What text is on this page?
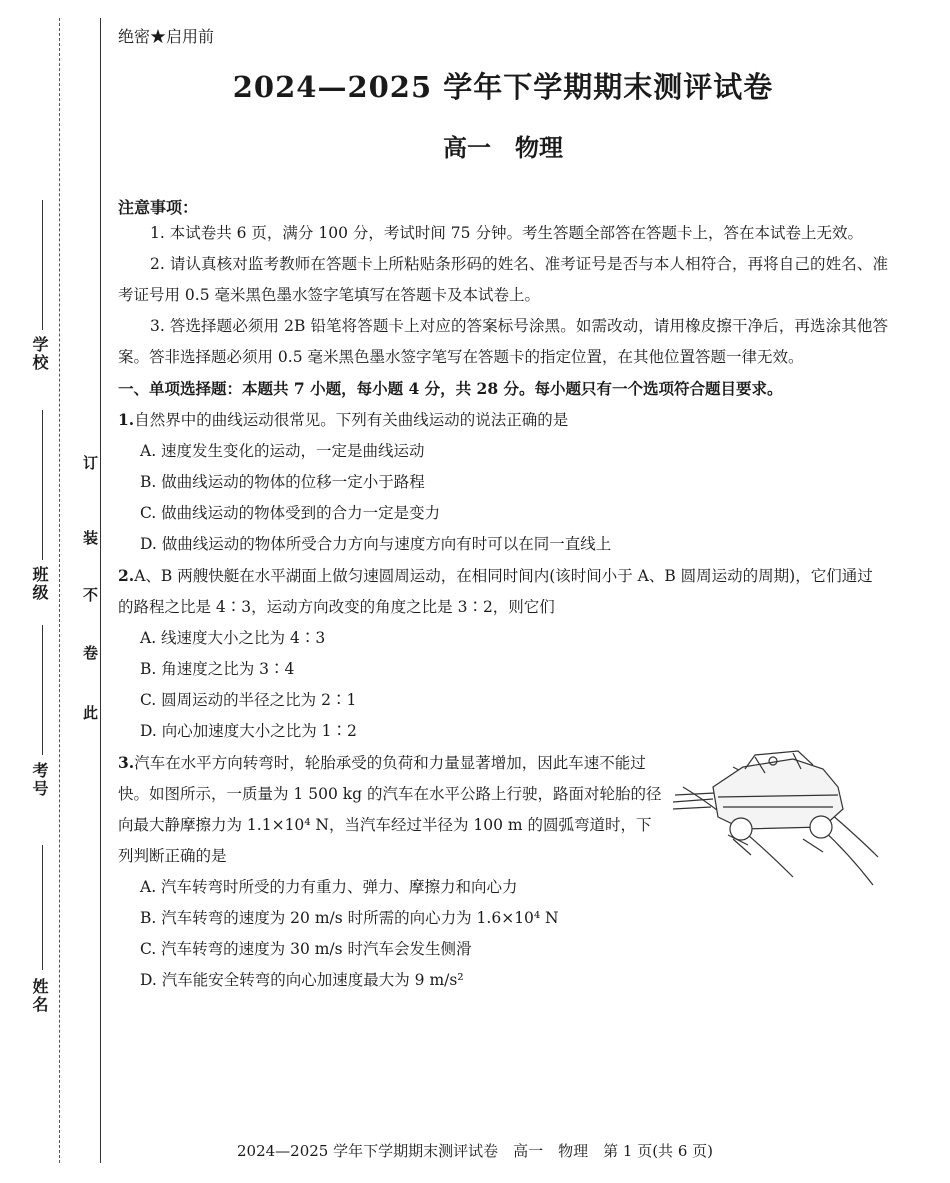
学校
班级
考号
姓名
订
装
不
卷
此
绝密★启用前
2024—2025 学年下学期期末测评试卷
高一　物理
注意事项：

1. 本试卷共 6 页，满分 100 分，考试时间 75 分钟。考生答题全部答在答题卡上，答在本试卷上无效。

2. 请认真核对监考教师在答题卡上所粘贴条形码的姓名、准考证号是否与本人相符合，再将自己的姓名、准考证号用 0.5 毫米黑色墨水签字笔填写在答题卡及本试卷上。

3. 答选择题必须用 2B 铅笔将答题卡上对应的答案标号涂黑。如需改动，请用橡皮擦干净后，再选涂其他答案。答非选择题必须用 0.5 毫米黑色墨水签字笔写在答题卡的指定位置，在其他位置答题一律无效。

一、单项选择题：本题共 7 小题，每小题 4 分，共 28 分。每小题只有一个选项符合题目要求。
1.自然界中的曲线运动很常见。下列有关曲线运动的说法正确的是
A. 速度发生变化的运动，一定是曲线运动
B. 做曲线运动的物体的位移一定小于路程
C. 做曲线运动的物体受到的合力一定是变力
D. 做曲线运动的物体所受合力方向与速度方向有时可以在同一直线上
2.A、B 两艘快艇在水平湖面上做匀速圆周运动，在相同时间内(该时间小于 A、B 圆周运动的周期)，它们通过的路程之比是 4∶3，运动方向改变的角度之比是 3∶2，则它们
A. 线速度大小之比为 4∶3
B. 角速度之比为 3∶4
C. 圆周运动的半径之比为 2∶1
D. 向心加速度大小之比为 1∶2
3.汽车在水平方向转弯时，轮胎承受的负荷和力量显著增加，因此车速不能过快。如图所示，一质量为 1 500 kg 的汽车在水平公路上行驶，路面对轮胎的径向最大静摩擦力为 1.1×10⁴ N，当汽车经过半径为 100 m 的圆弧弯道时，下列判断正确的是
A. 汽车转弯时所受的力有重力、弹力、摩擦力和向心力
B. 汽车转弯的速度为 20 m/s 时所需的向心力为 1.6×10⁴ N
C. 汽车转弯的速度为 30 m/s 时汽车会发生侧滑
D. 汽车能安全转弯的向心加速度最大为 9 m/s²
2024—2025 学年下学期期末测评试卷　高一　物理　第 1 页(共 6 页)
